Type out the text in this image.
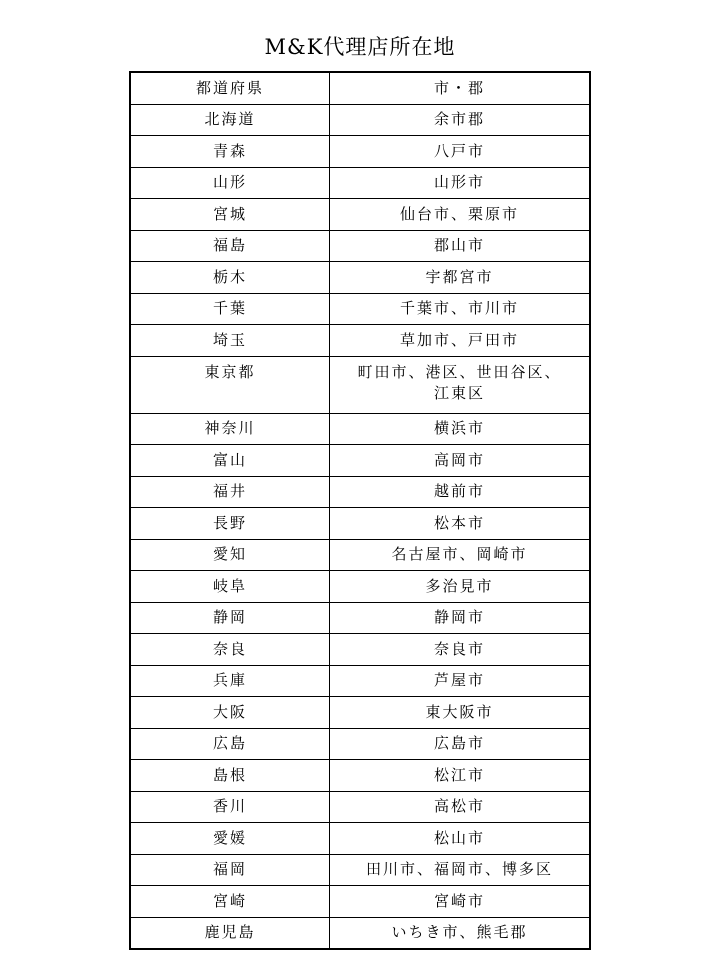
M&K代理店所在地
都道府県	市・郡
北海道	余市郡
青森	八戸市
山形	山形市
宮城	仙台市、栗原市
福島	郡山市
栃木	宇都宮市
千葉	千葉市、市川市
埼玉	草加市、戸田市
東京都	町田市、港区、世田谷区、
江東区

神奈川	横浜市
富山	高岡市
福井	越前市
長野	松本市
愛知	名古屋市、岡崎市
岐阜	多治見市
静岡	静岡市
奈良	奈良市
兵庫	芦屋市
大阪	東大阪市
広島	広島市
島根	松江市
香川	高松市
愛媛	松山市
福岡	田川市、福岡市、博多区
宮崎	宮崎市
鹿児島	いちき市、熊毛郡
